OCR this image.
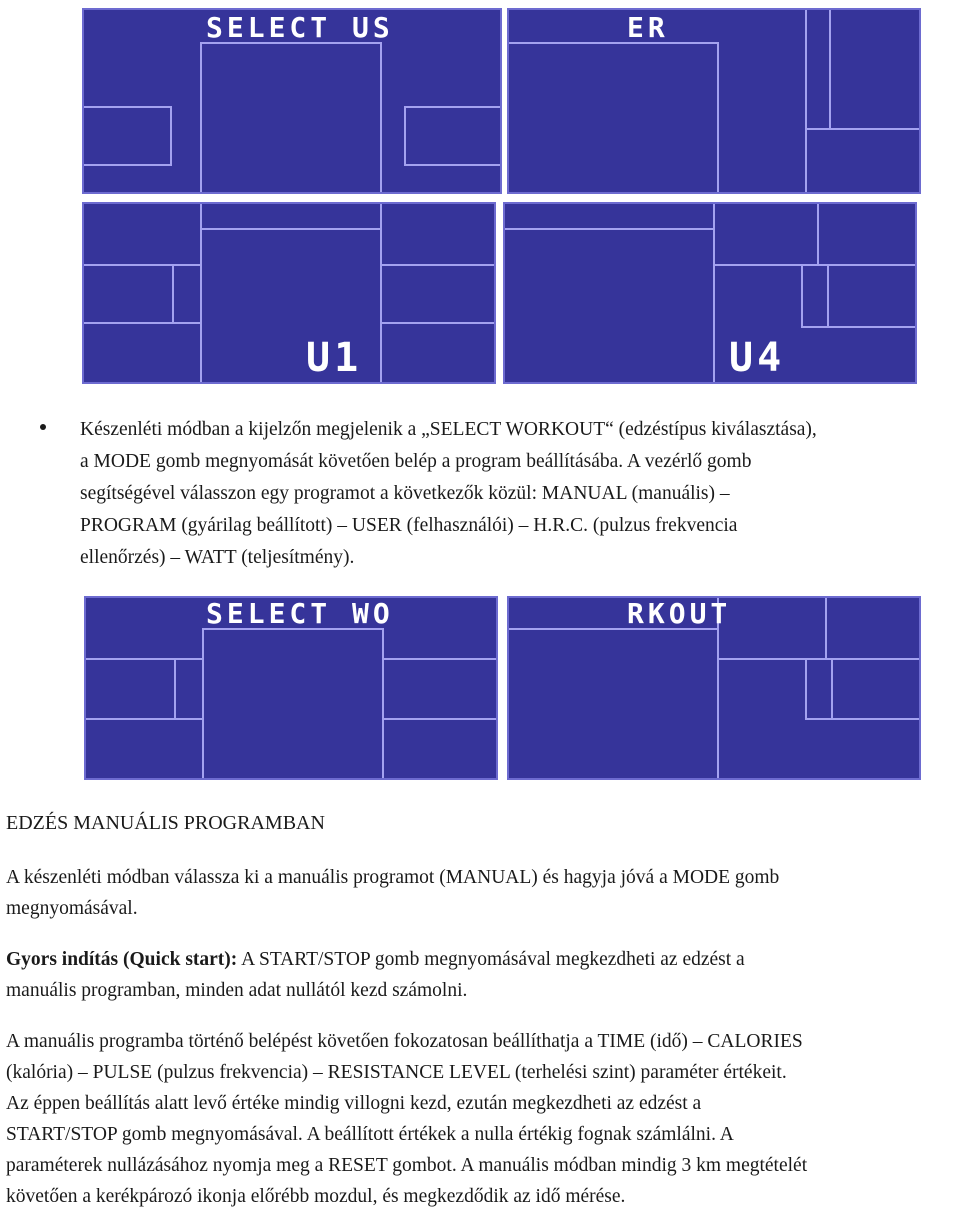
SELECT US	ER
U1	U4
Készenléti módban a kijelzőn megjelenik a „SELECT WORKOUT“ (edzéstípus kiválasztása),
a MODE gomb megnyomását követően belép a program beállításába. A vezérlő gomb
segítségével válasszon egy programot a következők közül: MANUAL (manuális) –
PROGRAM (gyárilag beállított) – USER (felhasználói) – H.R.C. (pulzus frekvencia
ellenőrzés) – WATT (teljesítmény).
SELECT WO	RKOUT
EDZÉS MANUÁLIS PROGRAMBAN
A készenléti módban válassza ki a manuális programot (MANUAL) és hagyja jóvá a MODE gomb
megnyomásával.
Gyors indítás (Quick start): A START/STOP gomb megnyomásával megkezdheti az edzést a
manuális programban, minden adat nullától kezd számolni.
A manuális programba történő belépést követően fokozatosan beállíthatja a TIME (idő) – CALORIES
(kalória) – PULSE (pulzus frekvencia) – RESISTANCE LEVEL (terhelési szint) paraméter értékeit.
Az éppen beállítás alatt levő értéke mindig villogni kezd, ezután megkezdheti az edzést a
START/STOP gomb megnyomásával. A beállított értékek a nulla értékig fognak számlálni. A
paraméterek nullázásához nyomja meg a RESET gombot. A manuális módban mindig 3 km megtételét
követően a kerékpározó ikonja előrébb mozdul, és megkezdődik az idő mérése.
